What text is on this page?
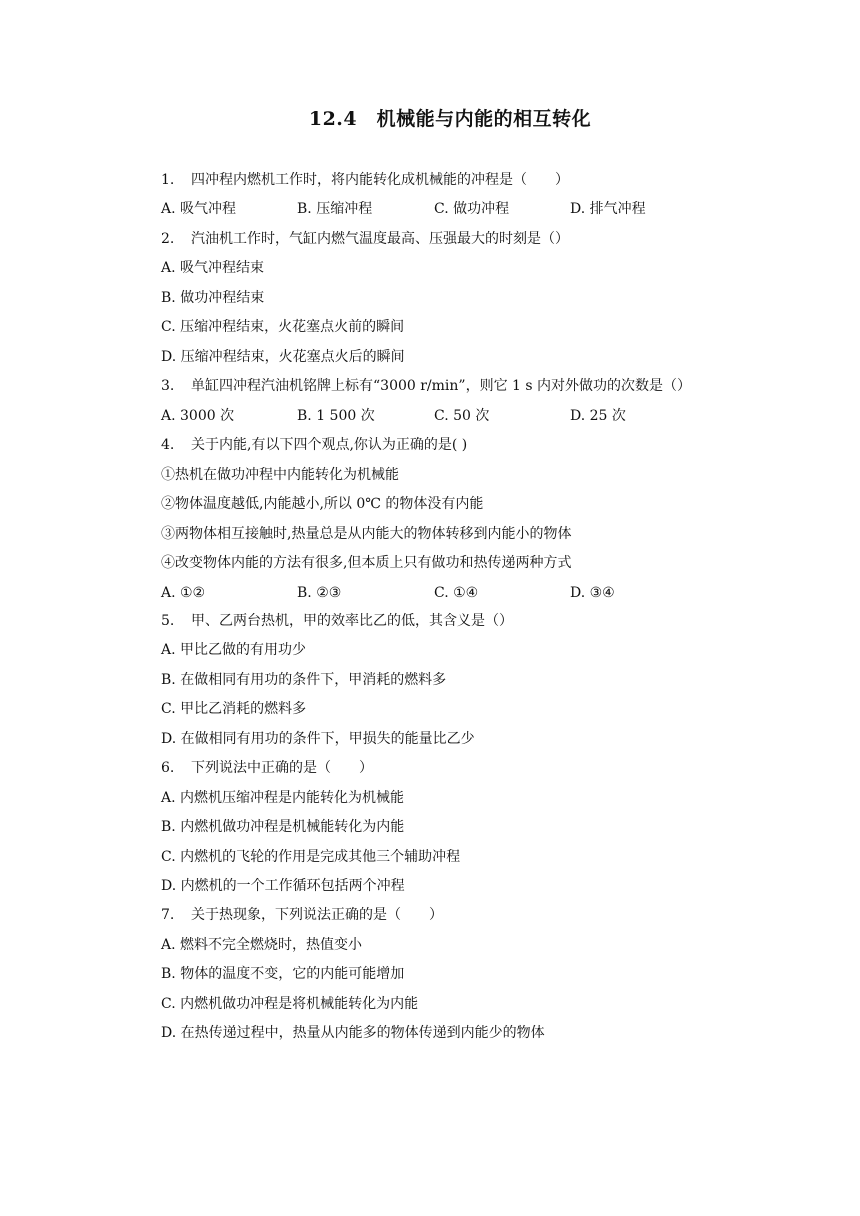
12.4　机械能与内能的相互转化
1. 四冲程内燃机工作时，将内能转化成机械能的冲程是（　　）
A. 吸气冲程	B. 压缩冲程	C. 做功冲程	D. 排气冲程
2. 汽油机工作时，气缸内燃气温度最高、压强最大的时刻是（）
A. 吸气冲程结束
B. 做功冲程结束
C. 压缩冲程结束，火花塞点火前的瞬间
D. 压缩冲程结束，火花塞点火后的瞬间
3. 单缸四冲程汽油机铭牌上标有“3000 r/min”，则它 1 s 内对外做功的次数是（）
A. 3000 次	B. 1 500 次	C. 50 次	D. 25 次
4. 关于内能,有以下四个观点,你认为正确的是( )
①热机在做功冲程中内能转化为机械能
②物体温度越低,内能越小,所以 0℃ 的物体没有内能
③两物体相互接触时,热量总是从内能大的物体转移到内能小的物体
④改变物体内能的方法有很多,但本质上只有做功和热传递两种方式
A. ①②	B. ②③	C. ①④	D. ③④
5. 甲、乙两台热机，甲的效率比乙的低，其含义是（）
A. 甲比乙做的有用功少
B. 在做相同有用功的条件下，甲消耗的燃料多
C. 甲比乙消耗的燃料多
D. 在做相同有用功的条件下，甲损失的能量比乙少
6. 下列说法中正确的是（　　）
A. 内燃机压缩冲程是内能转化为机械能
B. 内燃机做功冲程是机械能转化为内能
C. 内燃机的飞轮的作用是完成其他三个辅助冲程
D. 内燃机的一个工作循环包括两个冲程
7. 关于热现象，下列说法正确的是（　　）
A. 燃料不完全燃烧时，热值变小
B. 物体的温度不变，它的内能可能增加
C. 内燃机做功冲程是将机械能转化为内能
D. 在热传递过程中，热量从内能多的物体传递到内能少的物体
